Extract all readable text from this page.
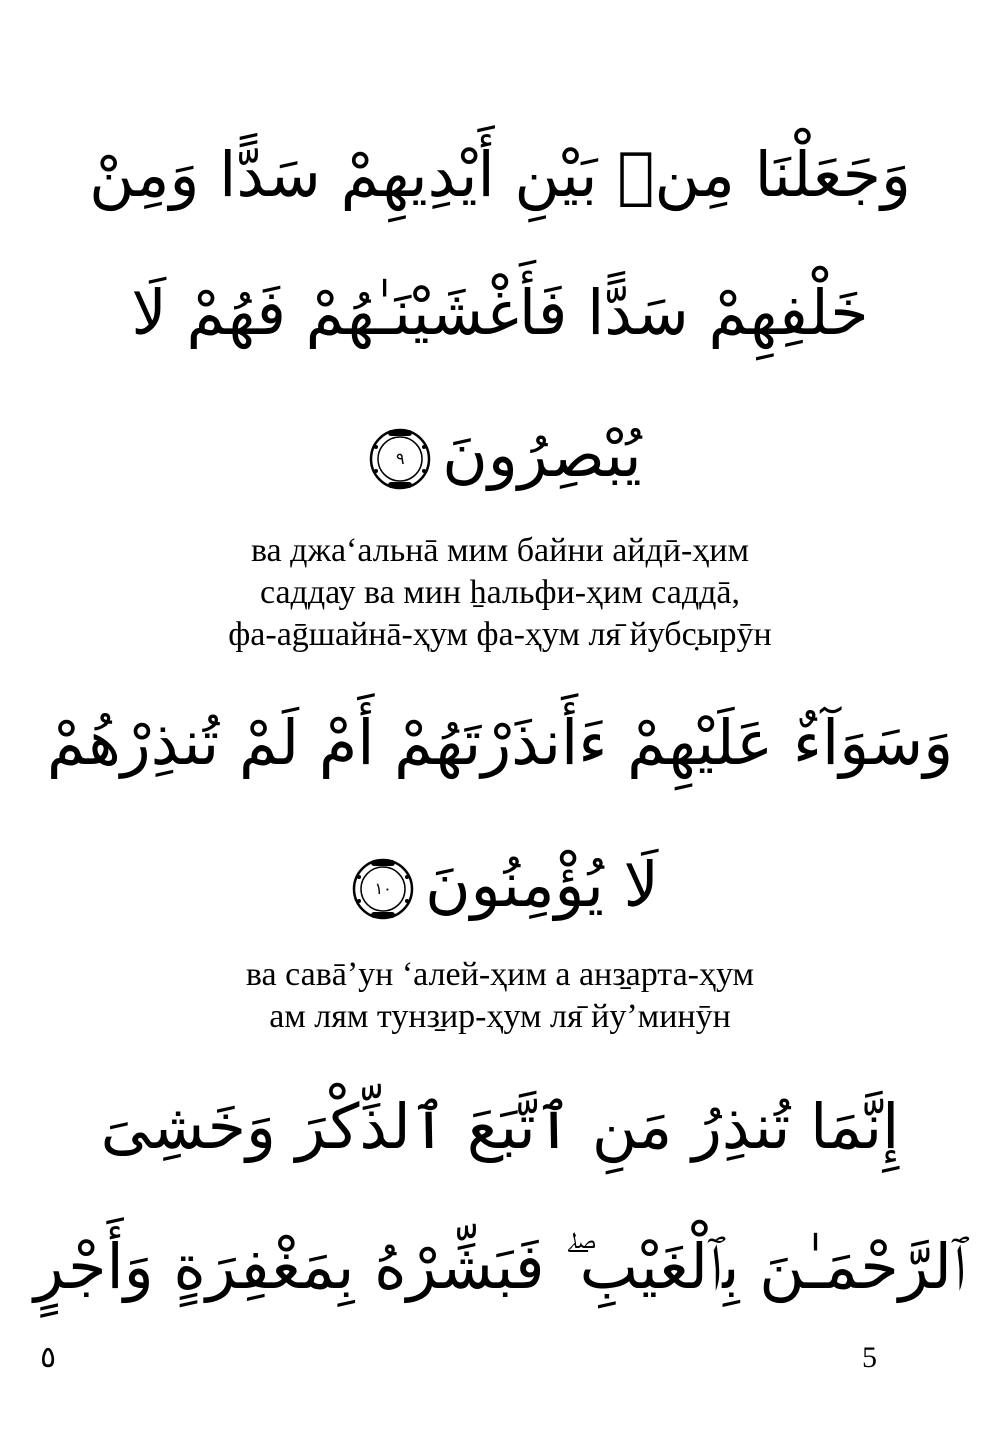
وَجَعَلْنَا مِنۢ بَيْنِ أَيْدِيهِمْ سَدًّا وَمِنْ
خَلْفِهِمْ سَدًّا فَأَغْشَيْنَـٰهُمْ فَهُمْ لَا
يُبْصِرُونَ
٩
ва джаʻальнā мим байни айдӣ-ҳим
саддау ва мин ẖальфи-ҳим саддā,
фа-аḡшайнā-ҳум фа-ҳум ля̄ йубс̣ырӯн
وَسَوَآءٌ عَلَيْهِمْ ءَأَنذَرْتَهُمْ أَمْ لَمْ تُنذِرْهُمْ
لَا يُؤْمِنُونَ
١٠
ва савāʼун ʻалей-ҳим а анз̱арта-ҳум
ам лям тунз̱ир-ҳум ля̄ йуʼминӯн
إِنَّمَا تُنذِرُ مَنِ ٱتَّبَعَ ٱلذِّكْرَ وَخَشِىَ
ٱلرَّحْمَـٰنَ بِٱلْغَيْبِ ۖ فَبَشِّرْهُ بِمَغْفِرَةٍ وَأَجْرٍ
٥	5
